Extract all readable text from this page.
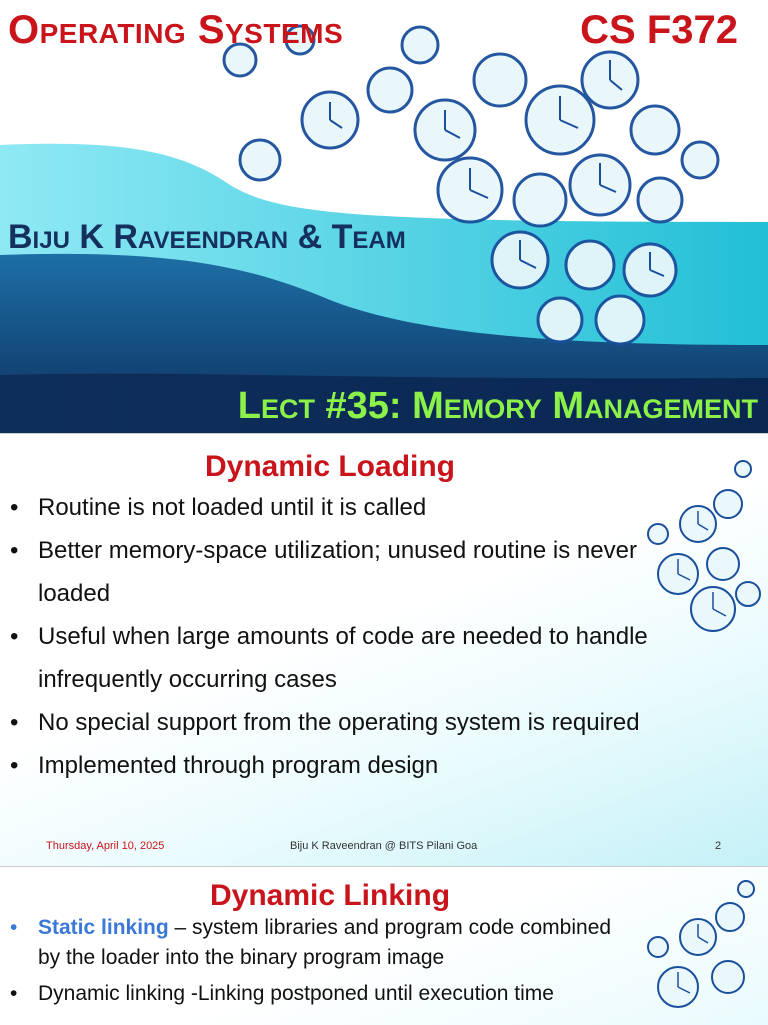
Operating Systems	CS F372
Biju K Raveendran & Team
Lect #35: Memory Management
Dynamic Loading
• Routine is not loaded until it is called
• Better memory-space utilization; unused routine is never loaded
• Useful when large amounts of code are needed to handle infrequently occurring cases
• No special support from the operating system is required
• Implemented through program design
Thursday, April 10, 2025	Biju K Raveendran @ BITS Pilani Goa	2
Dynamic Linking
• Static linking – system libraries and program code combined by the loader into the binary program image
• Dynamic linking -Linking postponed until execution time
